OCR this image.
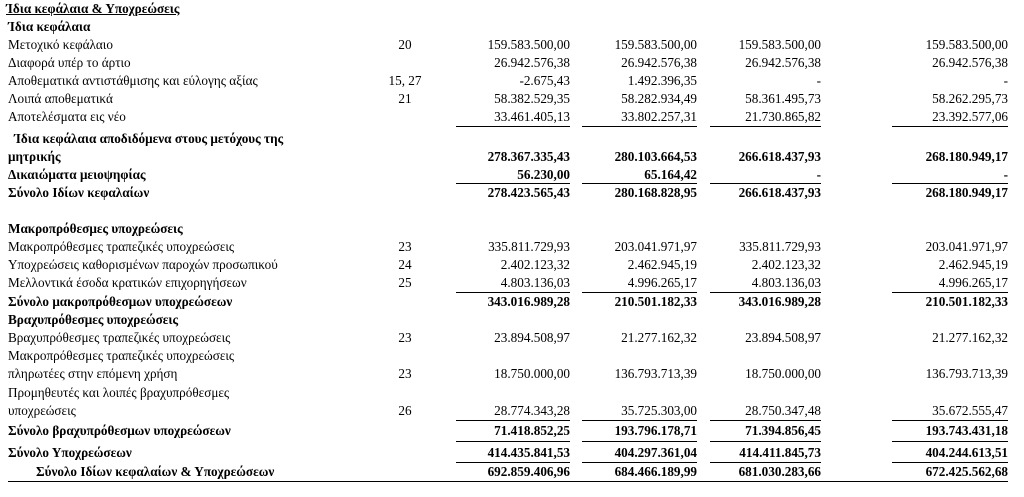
Ίδια κεφάλαια & Υποχρεώσεις
Ίδια κεφάλαια
Μετοχικό κεφάλαιο	20	159.583.500,00	159.583.500,00	159.583.500,00	159.583.500,00
Διαφορά υπέρ το άρτιο	26.942.576,38	26.942.576,38	26.942.576,38	26.942.576,38
Αποθεματικά αντιστάθμισης και εύλογης αξίας	15, 27	-2.675,43	1.492.396,35	-	-
Λοιπά αποθεματικά	21	58.382.529,35	58.282.934,49	58.361.495,73	58.262.295,73
Αποτελέσματα εις νέο	33.461.405,13	33.802.257,31	21.730.865,82	23.392.577,06
Ίδια κεφάλαια αποδιδόμενα στους μετόχους της
μητρικής	278.367.335,43	280.103.664,53	266.618.437,93	268.180.949,17
Δικαιώματα μειοψηφίας	56.230,00	65.164,42	-	-
Σύνολο Ιδίων κεφαλαίων	278.423.565,43	280.168.828,95	266.618.437,93	268.180.949,17
Μακροπρόθεσμες υποχρεώσεις
Μακροπρόθεσμες τραπεζικές υποχρεώσεις	23	335.811.729,93	203.041.971,97	335.811.729,93	203.041.971,97
Υποχρεώσεις καθορισμένων παροχών προσωπικού	24	2.402.123,32	2.462.945,19	2.402.123,32	2.462.945,19
Μελλοντικά έσοδα κρατικών επιχορηγήσεων	25	4.803.136,03	4.996.265,17	4.803.136,03	4.996.265,17
Σύνολο μακροπρόθεσμων υποχρεώσεων	343.016.989,28	210.501.182,33	343.016.989,28	210.501.182,33
Βραχυπρόθεσμες υποχρεώσεις
Βραχυπρόθεσμες τραπεζικές υποχρεώσεις	23	23.894.508,97	21.277.162,32	23.894.508,97	21.277.162,32
Μακροπρόθεσμες τραπεζικές υποχρεώσεις
πληρωτέες στην επόμενη χρήση	23	18.750.000,00	136.793.713,39	18.750.000,00	136.793.713,39
Προμηθευτές και λοιπές βραχυπρόθεσμες
υποχρεώσεις	26	28.774.343,28	35.725.303,00	28.750.347,48	35.672.555,47
Σύνολο βραχυπρόθεσμων υποχρεώσεων	71.418.852,25	193.796.178,71	71.394.856,45	193.743.431,18
Σύνολο Υποχρεώσεων	414.435.841,53	404.297.361,04	414.411.845,73	404.244.613,51
Σύνολο Ιδίων κεφαλαίων & Υποχρεώσεων	692.859.406,96	684.466.189,99	681.030.283,66	672.425.562,68
